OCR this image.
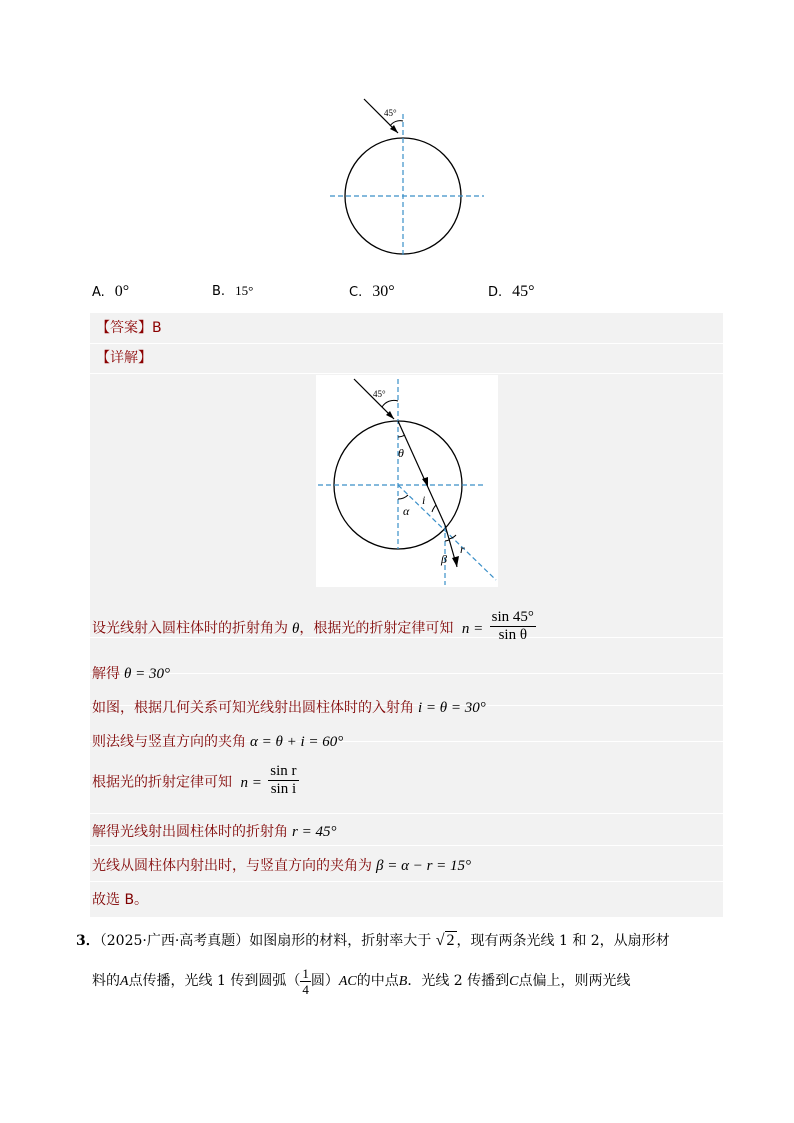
45°
A. 0°	B. 15°	C. 30°	D. 45°
【答案】B
【详解】
设光线射入圆柱体时的折射角为 θ，根据光的折射定律可知 $n = \frac{\sin 45^\circ}{\text{sin θ}}$
解得 θ = 30°
如图，根据几何关系可知光线射出圆柱体时的入射角 i = θ = 30°
则法线与竖直方向的夹角 α = θ + i = 60°
根据光的折射定律可知 $n = \frac{\text{sin r}}{\text{sin i}}$
解得光线射出圆柱体时的折射角 r = 45°
光线从圆柱体内射出时，与竖直方向的夹角为 β = α − r = 15°
故选 B。
45°
θ
i
α
r
β
3．（2025·广西·高考真题）如图扇形的材料，折射率大于 √ 2 ，现有两条光线 1 和 2，从扇形材
料的A点传播，光线 1 传到圆弧（ $\frac{1}{4}$ 圆）AC的中点B．光线 2 传播到C点偏上，则两光线
